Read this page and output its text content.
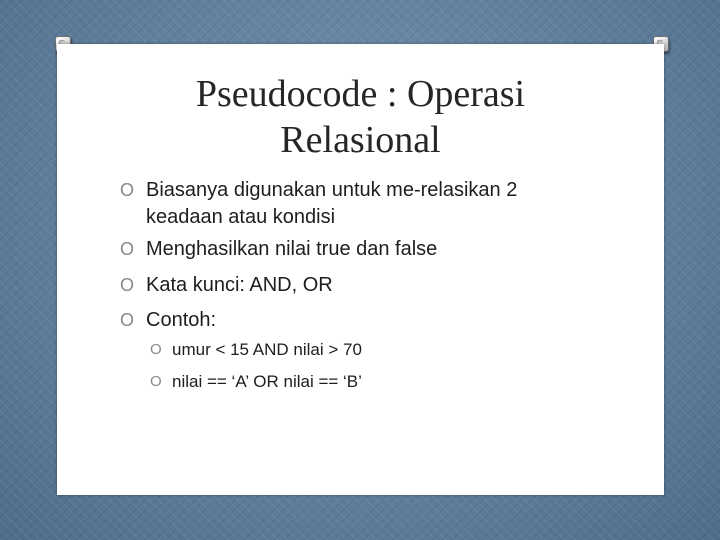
Pseudocode : Operasi
Relasional
O Biasanya digunakan untuk me-relasikan 2
keadaan atau kondisi
O Menghasilkan nilai true dan false
O Kata kunci: AND, OR
O Contoh:
O umur < 15 AND nilai > 70
O nilai == ‘A’ OR nilai == ‘B’
